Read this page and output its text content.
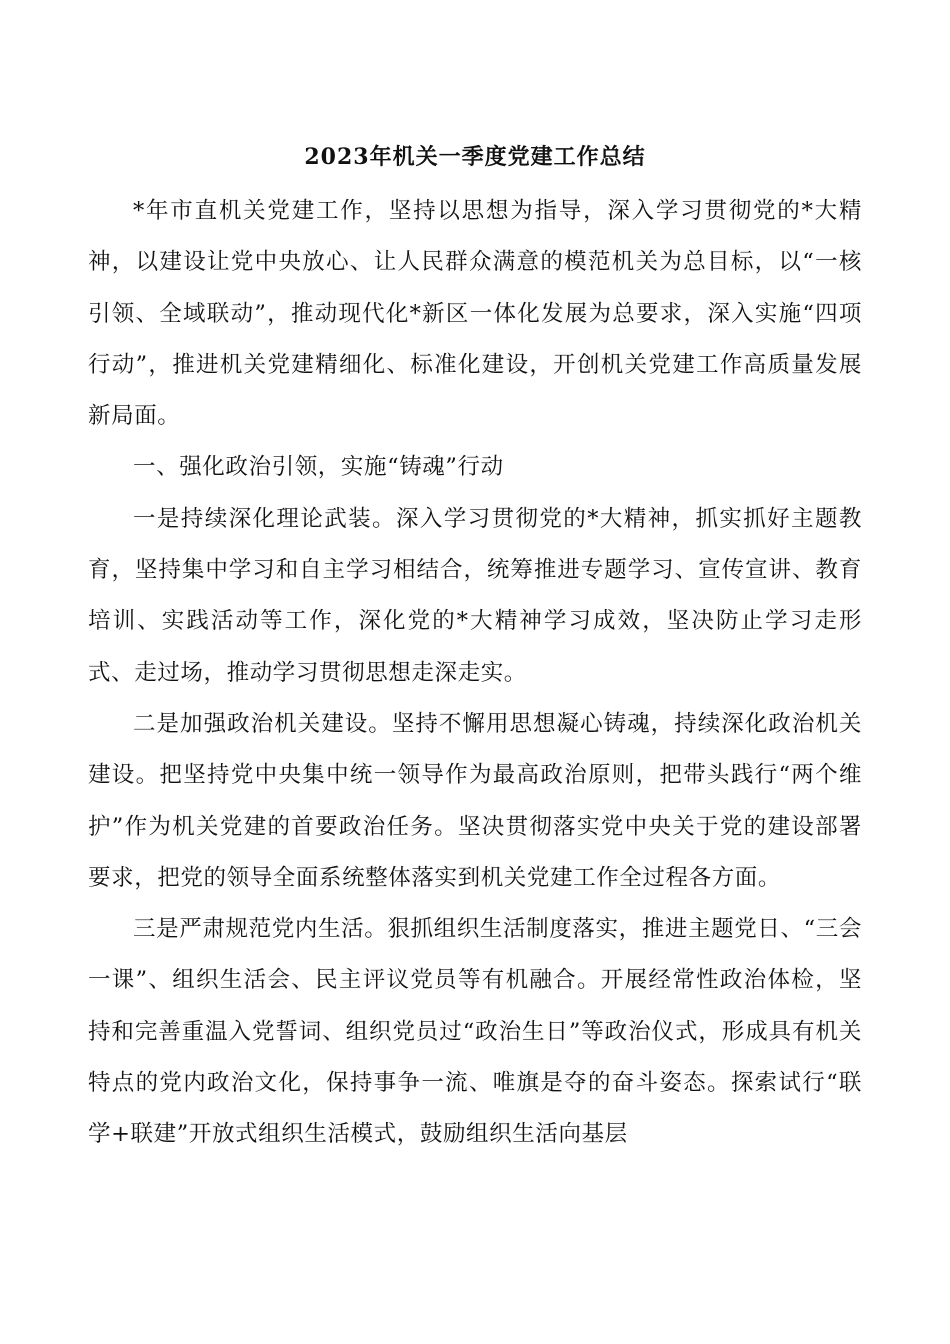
2023年机关一季度党建工作总结

*年市直机关党建工作，坚持以思想为指导，深入学习贯彻党的*大精神，以建设让党中央放心、让人民群众满意的模范机关为总目标，以“一核引领、全域联动”，推动现代化*新区一体化发展为总要求，深入实施“四项行动”，推进机关党建精细化、标准化建设，开创机关党建工作高质量发展新局面。

一、强化政治引领，实施“铸魂”行动

一是持续深化理论武装。深入学习贯彻党的*大精神，抓实抓好主题教育，坚持集中学习和自主学习相结合，统筹推进专题学习、宣传宣讲、教育培训、实践活动等工作，深化党的*大精神学习成效，坚决防止学习走形式、走过场，推动学习贯彻思想走深走实。

二是加强政治机关建设。坚持不懈用思想凝心铸魂，持续深化政治机关建设。把坚持党中央集中统一领导作为最高政治原则，把带头践行“两个维护”作为机关党建的首要政治任务。坚决贯彻落实党中央关于党的建设部署要求，把党的领导全面系统整体落实到机关党建工作全过程各方面。

三是严肃规范党内生活。狠抓组织生活制度落实，推进主题党日、“三会一课”、组织生活会、民主评议党员等有机融合。开展经常性政治体检，坚持和完善重温入党誓词、组织党员过“政治生日”等政治仪式，形成具有机关特点的党内政治文化，保持事争一流、唯旗是夺的奋斗姿态。探索试行“联学+联建”开放式组织生活模式，鼓励组织生活向基层
